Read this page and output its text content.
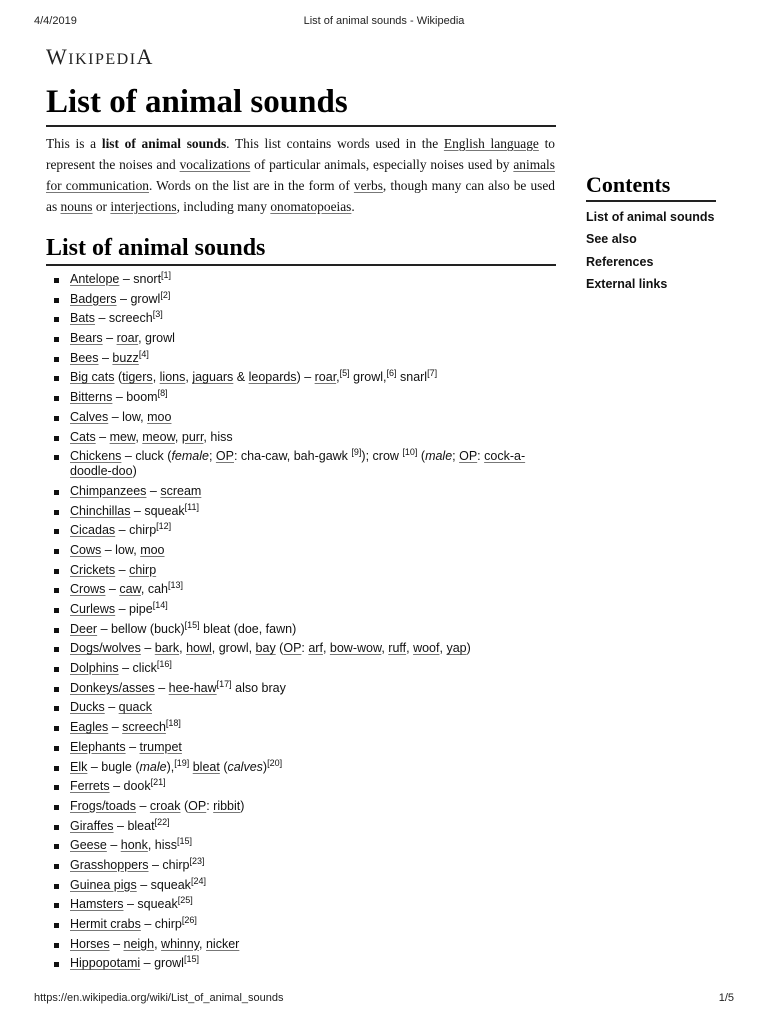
4/4/2019	List of animal sounds - Wikipedia
WIKIPEDIA
List of animal sounds

This is a list of animal sounds. This list contains words used in the English language to represent the noises and vocalizations of particular animals, especially noises used by animals for communication. Words on the list are in the form of verbs, though many can also be used as nouns or interjections, including many onomatopoeias.

List of animal sounds
Antelope – snort[1]
Badgers – growl[2]
Bats – screech[3]
Bears – roar, growl
Bees – buzz[4]
Big cats (tigers, lions, jaguars & leopards) – roar,[5] growl,[6] snarl[7]
Bitterns – boom[8]
Calves – low, moo
Cats – mew, meow, purr, hiss
Chickens – cluck (female; OP: cha-caw, bah-gawk [9]); crow [10] (male; OP: cock-a-doodle-doo)
Chimpanzees – scream
Chinchillas – squeak[11]
Cicadas – chirp[12]
Cows – low, moo
Crickets – chirp
Crows – caw, cah[13]
Curlews – pipe[14]
Deer – bellow (buck)[15] bleat (doe, fawn)
Dogs/wolves – bark, howl, growl, bay (OP: arf, bow-wow, ruff, woof, yap)
Dolphins – click[16]
Donkeys/asses – hee-haw[17] also bray
Ducks – quack
Eagles – screech[18]
Elephants – trumpet
Elk – bugle (male),[19] bleat (calves)[20]
Ferrets – dook[21]
Frogs/toads – croak (OP: ribbit)
Giraffes – bleat[22]
Geese – honk, hiss[15]
Grasshoppers – chirp[23]
Guinea pigs – squeak[24]
Hamsters – squeak[25]
Hermit crabs – chirp[26]
Horses – neigh, whinny, nicker
Hippopotami – growl[15]
Contents
List of animal sounds
See also
References
External links
https://en.wikipedia.org/wiki/List_of_animal_sounds	1/5
